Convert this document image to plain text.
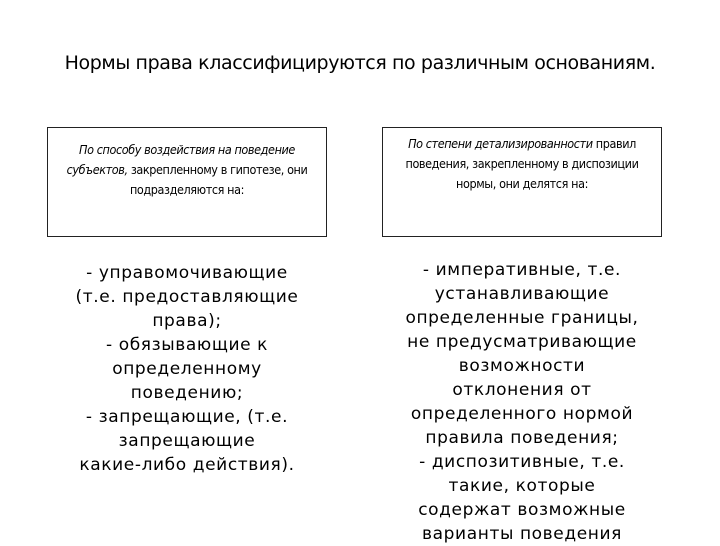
Нормы права классифицируются по различным основаниям.
По способу воздействия на поведение субъектов, закрепленному в гипотезе, они подразделяются на:
По степени детализированности правил поведения, закрепленному в диспозиции нормы, они делятся на:
- управомочивающие
(т.е. предоставляющие
права);
- обязывающие к
определенному
поведению;
- запрещающие, (т.е.
запрещающие
какие-либо действия).
- императивные, т.е.
устанавливающие
определенные границы,
не предусматривающие
возможности
отклонения от
определенного нормой
правила поведения;
- диспозитивные, т.е.
такие, которые
содержат возможные
варианты поведения
